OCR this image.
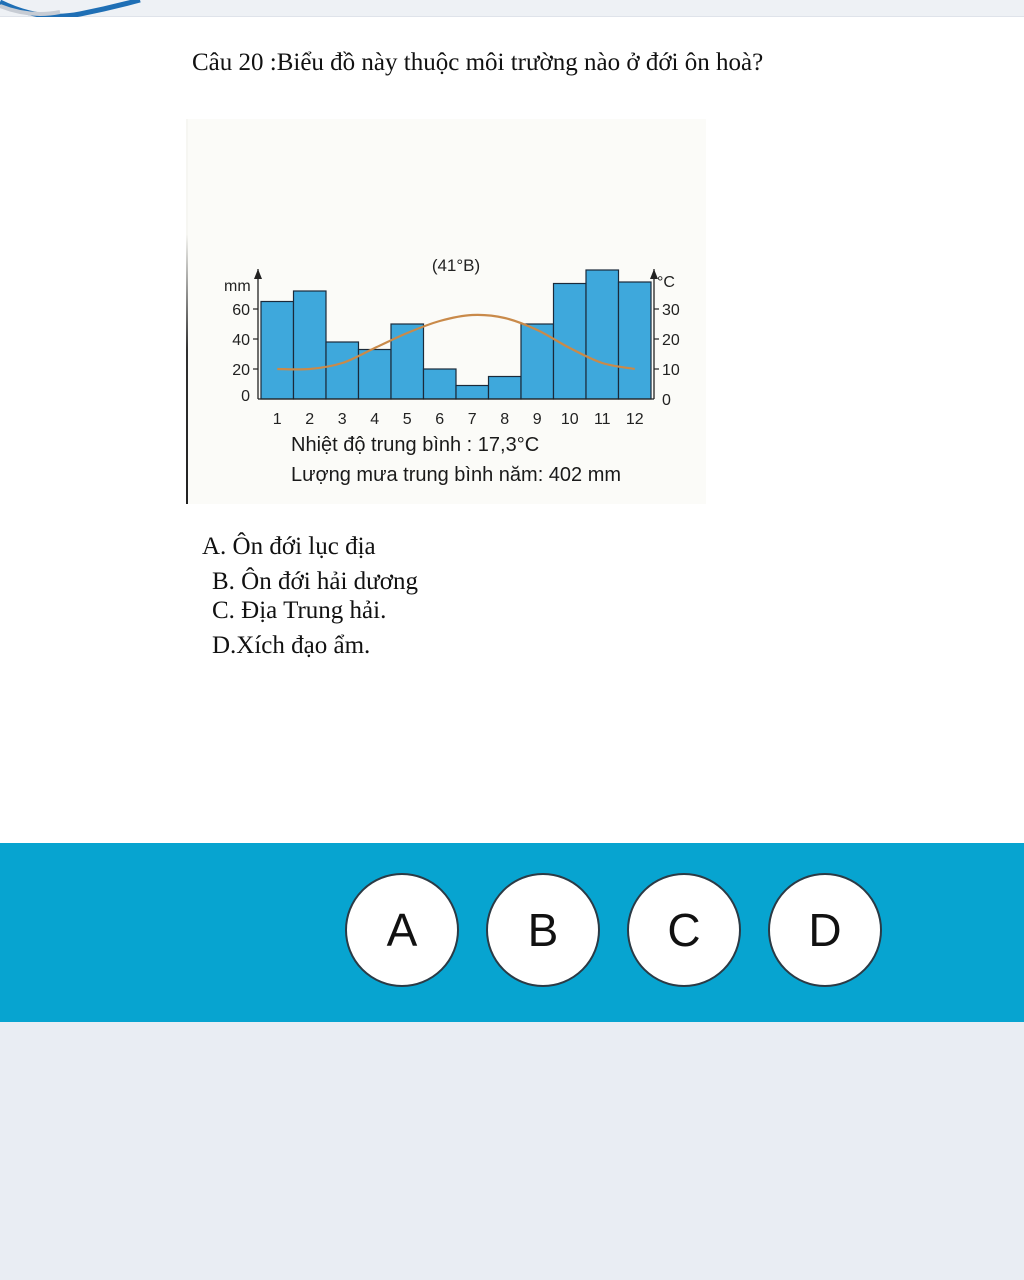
Câu 20 :Biểu đồ này thuộc môi trường nào ở đới ôn hoà?
0
20
40
60
0
10
20
30
1 2 3 4 5 6 7 8 9 10 11 12
mm	°C
(41°B)
Nhiệt độ trung bình : 17,3°C
Lượng mưa trung bình năm: 402 mm
A. Ôn đới lục địa
B. Ôn đới hải dương
C. Địa Trung hải.
D.Xích đạo ẩm.
A	B	C	D
